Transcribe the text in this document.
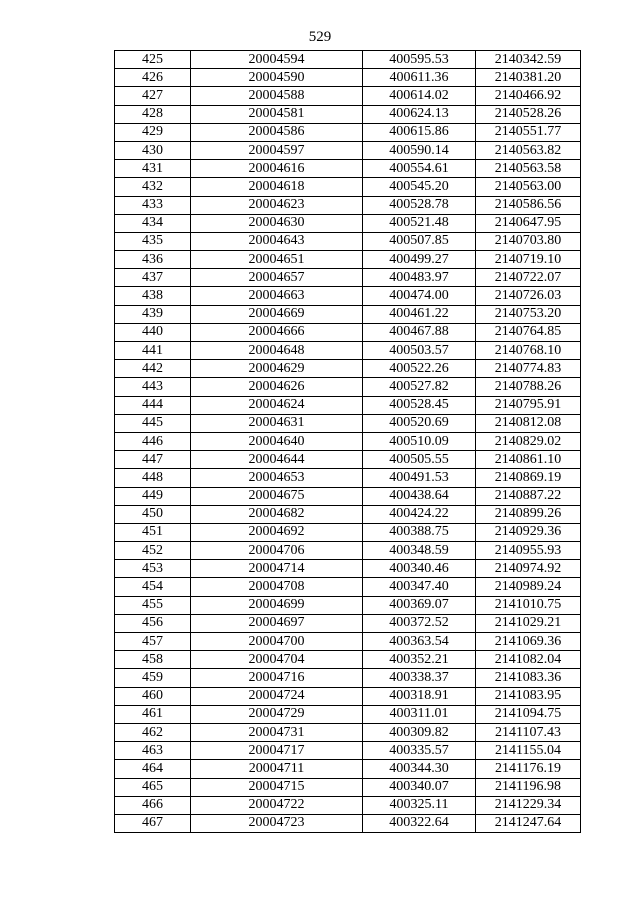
529
425	20004594	400595.53	2140342.59
426	20004590	400611.36	2140381.20
427	20004588	400614.02	2140466.92
428	20004581	400624.13	2140528.26
429	20004586	400615.86	2140551.77
430	20004597	400590.14	2140563.82
431	20004616	400554.61	2140563.58
432	20004618	400545.20	2140563.00
433	20004623	400528.78	2140586.56
434	20004630	400521.48	2140647.95
435	20004643	400507.85	2140703.80
436	20004651	400499.27	2140719.10
437	20004657	400483.97	2140722.07
438	20004663	400474.00	2140726.03
439	20004669	400461.22	2140753.20
440	20004666	400467.88	2140764.85
441	20004648	400503.57	2140768.10
442	20004629	400522.26	2140774.83
443	20004626	400527.82	2140788.26
444	20004624	400528.45	2140795.91
445	20004631	400520.69	2140812.08
446	20004640	400510.09	2140829.02
447	20004644	400505.55	2140861.10
448	20004653	400491.53	2140869.19
449	20004675	400438.64	2140887.22
450	20004682	400424.22	2140899.26
451	20004692	400388.75	2140929.36
452	20004706	400348.59	2140955.93
453	20004714	400340.46	2140974.92
454	20004708	400347.40	2140989.24
455	20004699	400369.07	2141010.75
456	20004697	400372.52	2141029.21
457	20004700	400363.54	2141069.36
458	20004704	400352.21	2141082.04
459	20004716	400338.37	2141083.36
460	20004724	400318.91	2141083.95
461	20004729	400311.01	2141094.75
462	20004731	400309.82	2141107.43
463	20004717	400335.57	2141155.04
464	20004711	400344.30	2141176.19
465	20004715	400340.07	2141196.98
466	20004722	400325.11	2141229.34
467	20004723	400322.64	2141247.64
